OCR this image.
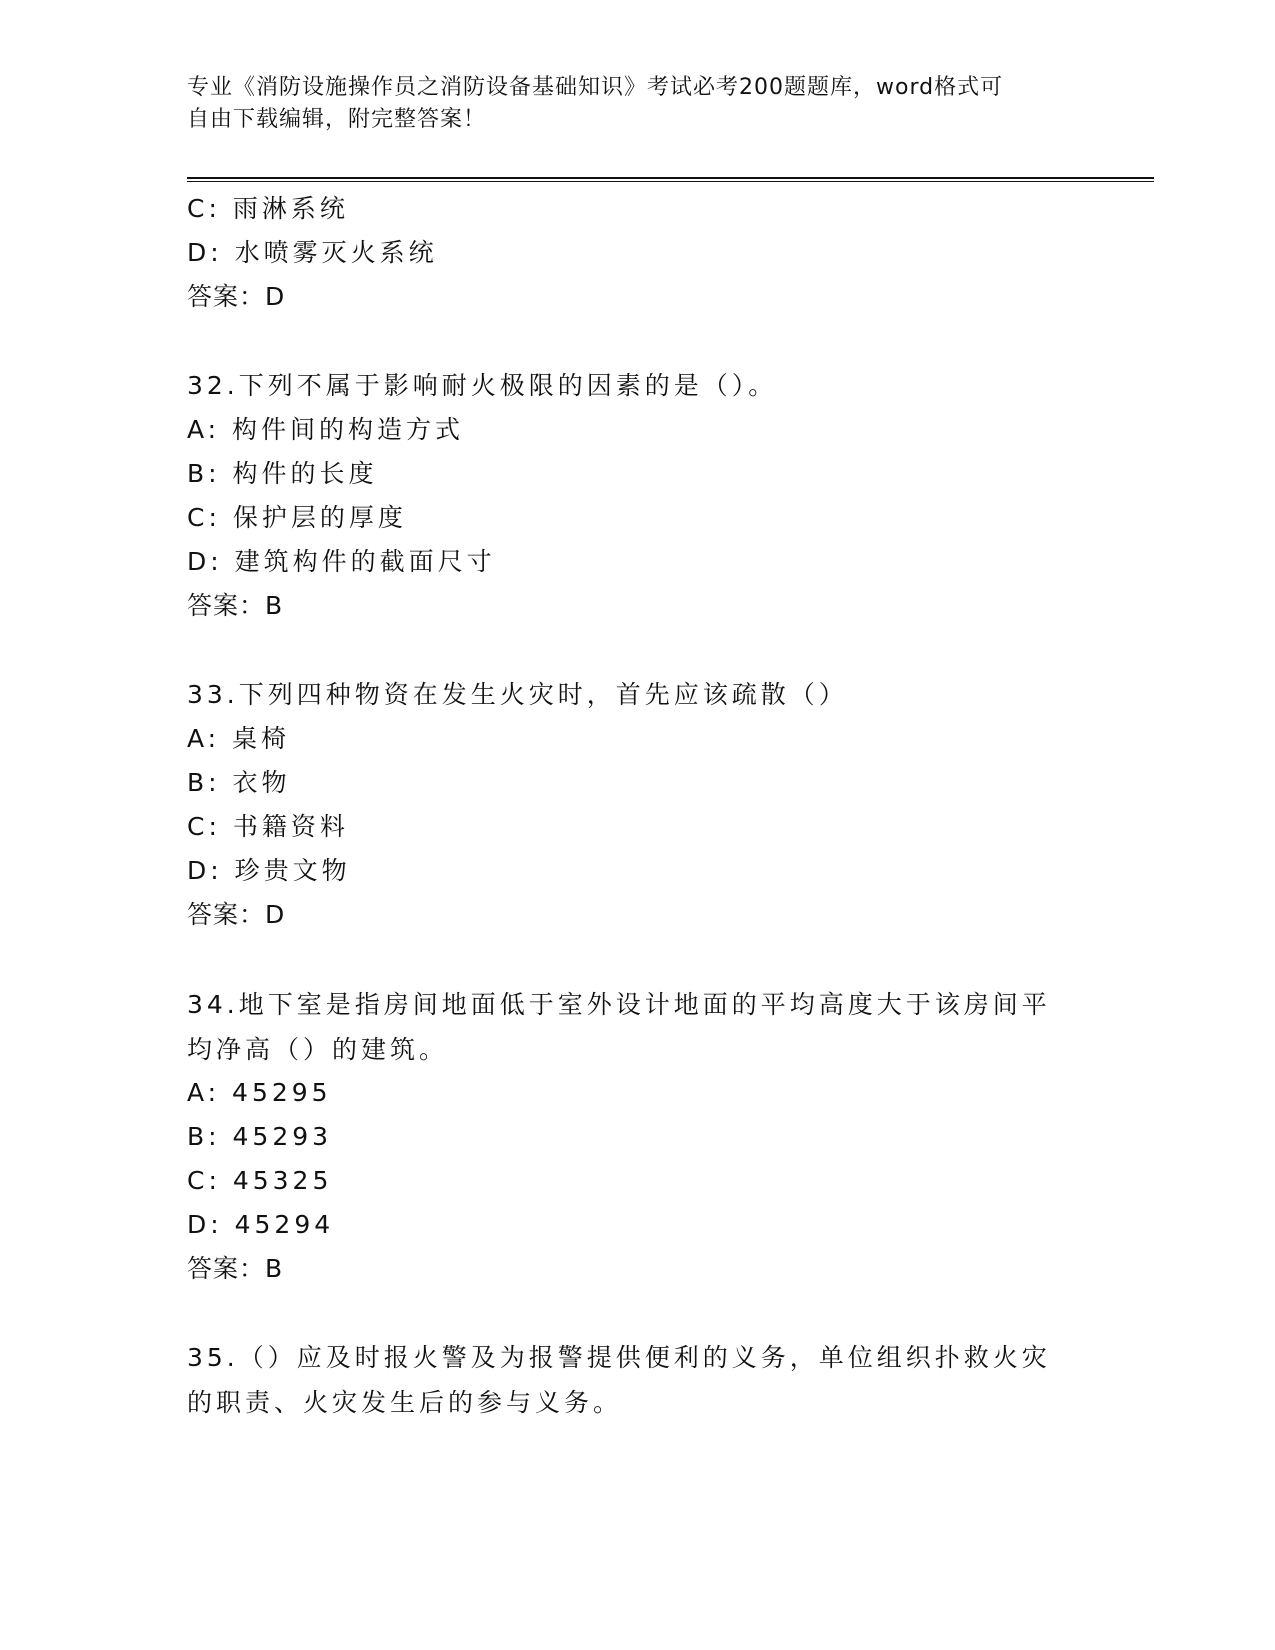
专业《消防设施操作员之消防设备基础知识》考试必考200题题库，word格式可
自由下载编辑，附完整答案！
C: 雨淋系统
D: 水喷雾灭火系统
答案：D
32.下列不属于影响耐火极限的因素的是（）。
A: 构件间的构造方式
B: 构件的长度
C: 保护层的厚度
D: 建筑构件的截面尺寸
答案：B
33.下列四种物资在发生火灾时，首先应该疏散（）
A: 桌椅
B: 衣物
C: 书籍资料
D: 珍贵文物
答案：D
34.地下室是指房间地面低于室外设计地面的平均高度大于该房间平均净高（）的建筑。
A: 45295
B: 45293
C: 45325
D: 45294
答案：B
35.（）应及时报火警及为报警提供便利的义务，单位组织扑救火灾的职责、火灾发生后的参与义务。
